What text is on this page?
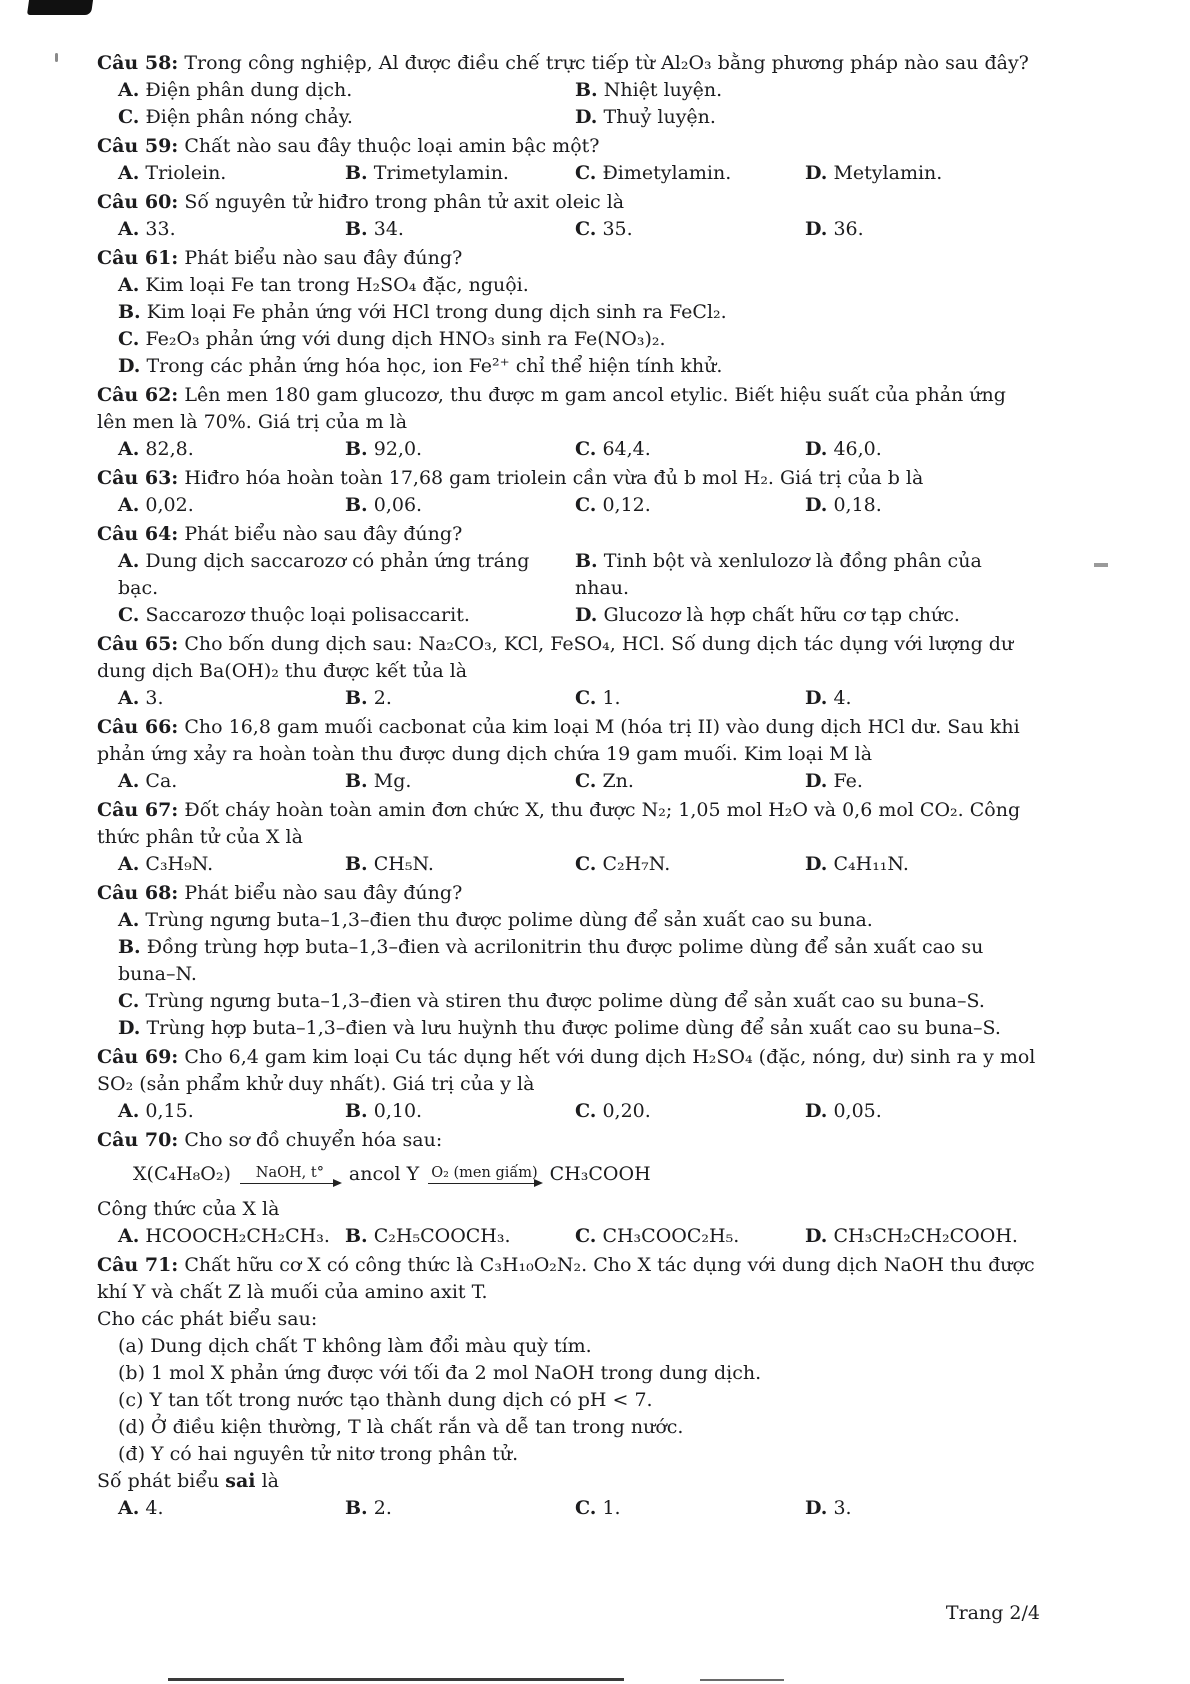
Câu 58: Trong công nghiệp, Al được điều chế trực tiếp từ Al₂O₃ bằng phương pháp nào sau đây?

A. Điện phân dung dịch.	B. Nhiệt luyện.
C. Điện phân nóng chảy.	D. Thuỷ luyện.

Câu 59: Chất nào sau đây thuộc loại amin bậc một?

A. Triolein.	B. Trimetylamin.	C. Đimetylamin.	D. Metylamin.

Câu 60: Số nguyên tử hiđro trong phân tử axit oleic là

A. 33.	B. 34.	C. 35.	D. 36.

Câu 61: Phát biểu nào sau đây đúng?

A. Kim loại Fe tan trong H₂SO₄ đặc, nguội.
B. Kim loại Fe phản ứng với HCl trong dung dịch sinh ra FeCl₂.
C. Fe₂O₃ phản ứng với dung dịch HNO₃ sinh ra Fe(NO₃)₂.
D. Trong các phản ứng hóa học, ion Fe²⁺ chỉ thể hiện tính khử.

Câu 62: Lên men 180 gam glucozơ, thu được m gam ancol etylic. Biết hiệu suất của phản ứng lên men là 70%. Giá trị của m là

A. 82,8.	B. 92,0.	C. 64,4.	D. 46,0.

Câu 63: Hiđro hóa hoàn toàn 17,68 gam triolein cần vừa đủ b mol H₂. Giá trị của b là

A. 0,02.	B. 0,06.	C. 0,12.	D. 0,18.

Câu 64: Phát biểu nào sau đây đúng?

A. Dung dịch saccarozơ có phản ứng tráng bạc.
B. Tinh bột và xenlulozơ là đồng phân của nhau.
C. Saccarozơ thuộc loại polisaccarit.	D. Glucozơ là hợp chất hữu cơ tạp chức.

Câu 65: Cho bốn dung dịch sau: Na₂CO₃, KCl, FeSO₄, HCl. Số dung dịch tác dụng với lượng dư dung dịch Ba(OH)₂ thu được kết tủa là

A. 3.	B. 2.	C. 1.	D. 4.

Câu 66: Cho 16,8 gam muối cacbonat của kim loại M (hóa trị II) vào dung dịch HCl dư. Sau khi phản ứng xảy ra hoàn toàn thu được dung dịch chứa 19 gam muối. Kim loại M là

A. Ca.	B. Mg.	C. Zn.	D. Fe.

Câu 67: Đốt cháy hoàn toàn amin đơn chức X, thu được N₂; 1,05 mol H₂O và 0,6 mol CO₂. Công thức phân tử của X là

A. C₃H₉N.	B. CH₅N.	C. C₂H₇N.	D. C₄H₁₁N.

Câu 68: Phát biểu nào sau đây đúng?

A. Trùng ngưng buta–1,3–đien thu được polime dùng để sản xuất cao su buna.
B. Đồng trùng hợp buta–1,3–đien và acrilonitrin thu được polime dùng để sản xuất cao su buna–N.
C. Trùng ngưng buta–1,3–đien và stiren thu được polime dùng để sản xuất cao su buna–S.
D. Trùng hợp buta–1,3–đien và lưu huỳnh thu được polime dùng để sản xuất cao su buna–S.

Câu 69: Cho 6,4 gam kim loại Cu tác dụng hết với dung dịch H₂SO₄ (đặc, nóng, dư) sinh ra y mol SO₂ (sản phẩm khử duy nhất). Giá trị của y là

A. 0,15.	B. 0,10.	C. 0,20.	D. 0,05.

Câu 70: Cho sơ đồ chuyển hóa sau:

X(C₄H₈O₂) NaOH, t° ancol Y O₂ (men giấm) CH₃COOH

Công thức của X là

A. HCOOCH₂CH₂CH₃. B. C₂H₅COOCH₃.	C. CH₃COOC₂H₅.	D. CH₃CH₂CH₂COOH.

Câu 71: Chất hữu cơ X có công thức là C₃H₁₀O₂N₂. Cho X tác dụng với dung dịch NaOH thu được khí Y và chất Z là muối của amino axit T.

Cho các phát biểu sau:

(a) Dung dịch chất T không làm đổi màu quỳ tím.

(b) 1 mol X phản ứng được với tối đa 2 mol NaOH trong dung dịch.

(c) Y tan tốt trong nước tạo thành dung dịch có pH < 7.

(d) Ở điều kiện thường, T là chất rắn và dễ tan trong nước.

(đ) Y có hai nguyên tử nitơ trong phân tử.

Số phát biểu sai là

A. 4.	B. 2.	C. 1.	D. 3.
Trang 2/4
